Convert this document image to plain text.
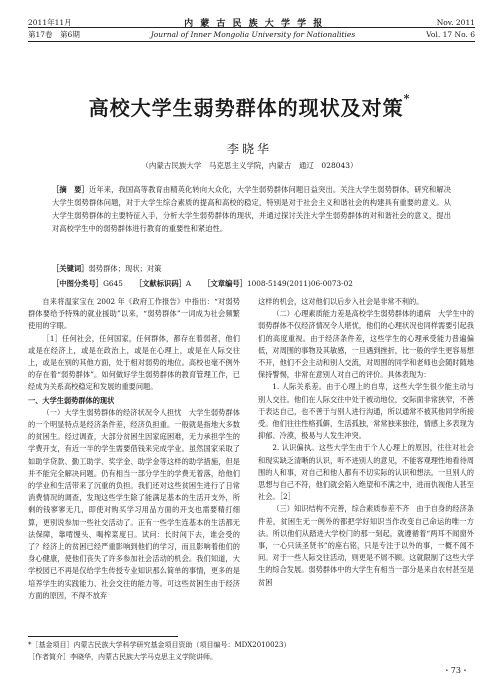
2011年11月	内 蒙 古 民 族 大 学 学 报	Nov. 2011
第17卷　第6期	Journal of Inner Mongolia University for Nationalities	Vol. 17 No. 6
高校大学生弱势群体的现状及对策*
李晓华
（内蒙古民族大学　马克思主义学院，内蒙古　通辽　028043）
［摘　要］近年来，我国高等教育由精英化转向大众化，大学生弱势群体问题日益突出。关注大学生弱势群体，研究和解决大学生弱势群体问题，对于大学生综合素质的提高和高校的稳定，特别是对于社会主义和谐社会的构建具有重要的意义。从大学生弱势群体的主要特征入手，分析大学生弱势群体的现状，并通过探讨关注大学生弱势群体的对和谐社会的意义，提出对高校学生中的弱势群体进行教育的重要性和紧迫性。
［关键词］弱势群体；现状；对策
［中图分类号］G645 ［文献标识码］A ［文章编号］1008-5149(2011)06-0073-02

自来将温家宝在 2002 年《政府工作报告》中指出：“对弱势群体要给予特殊的就业援助”以来，“弱势群体”一词成为社会频繁使用的字眼。

［1］任何社会，任何国家，任何群体，都存在着弱者，他们或是在经济上，或是在政治上，或是在心理上，或是在人际交往上，或是在别的其他方面，处于相对弱势的地位。高校也毫不例外的存在着“弱势群体”。如何做好学生弱势群体的教育管理工作，已经成为关系高校稳定和发展的重要问题。

一、大学生弱势群体的现状

（一）大学生弱势群体的经济状况令人担忧　大学生弱势群体的一个明显特点是经济条件差，经济负担重。一般就是指地大多数的贫困生。经过调查，大部分贫困生因家庭困难，无力承担学生的学费开支，有近一半的学生需要借钱来完成学业。虽然国家采取了如助学贷款、勤工助学、奖学金、助学金等这样的助学措施，但是并不能完全解决问题。仍有相当一部分学生的学费无着落，给他们的学业和生活带来了沉重的负担。我们还对这些贫困生进行了日常消费情况的调查，发现这些学生除了能满足基本的生活开支外，所剩的钱寥寥无几，即使对购买学习用品方面的开支也需要精打细算，更别说参加一些社交活动了。正有一些学生连基本的生活都无法保障，靠啃馒头、喝榨菜度日。试问：长时间下去，谁会受的了？经济上的贫困已经严重影响到他们的学习，而且影响着他们的身心健康，使他们丧失了许多参加社会活动的机会。我们知道，大学校园已不再是仅给学生传授专业知识那么简单的事情，更多的是培养学生的实践能力、社会交往的能力等。可这些贫困生由于经济方面的原因，不得不放弃

这样的机会，这对他们以后步入社会是非常不利的。

（二）心理素质能力差是高校学生弱势群体的通病　大学生中的弱势群体不仅经济情况令人堪忧，他们的心理状况也同样需要引起我们的高度重视。由于经济条件差，这些学生的心理承受能力普遍偏低，对周围的事物及其敏感，一旦遇到挫折，比一般的学生更容易想不开，他们不会主动和别人交流，对周围的同学和老师也会随时随地保持警惕，非常在意别人对自己的评价。具体表现为：

1. 人际关系差。由于心理上的自卑，这些大学生很少能主动与别人交往。他们在人际交往中处于被动地位，交际面非常狭窄，不善于表达自己，也不善于与别人进行沟通，所以通常不被其他同学所接受。他们往往性格孤僻，生活孤独，常常独来独往，情感上多表现为抑郁、冷漠，极易与人发生冲突。

2. 认识偏执。这些大学生由于个人心理上的原因，往往对社会和现实缺乏清晰的认识，听不进别人的意见，不能客观理性地看待周围的人和事，对自己和他人都有不切实际的认识和想法。一旦别人的思想与自己不符，他们就会陷入绝望和不满之中，进而仇视他人甚至社会。［2］

（三）知识结构不完善，综合素质参差不齐　由于自身的经济条件差，贫困生无一例外的都把学好知识当作改变自己命运的唯一方法。所以他们从踏进大学校门的那一刻起，就遵循着“两耳不闻窗外事，一心只读圣贤书”的座右铭，只是专注于以外的事，一概不闻不问。对于一些人际交往活动，则更是不屑不顾。这就限制了这些大学生的综合发展。弱势群体中的大学生有相当一部分是来自农村甚至是贫困

*［基金项目］内蒙古民族大学科学研究基金项目资助（项目编号：MDX2010023）
［作者简介］李晓华，内蒙古民族大学马克思主义学院讲师。
・73・
